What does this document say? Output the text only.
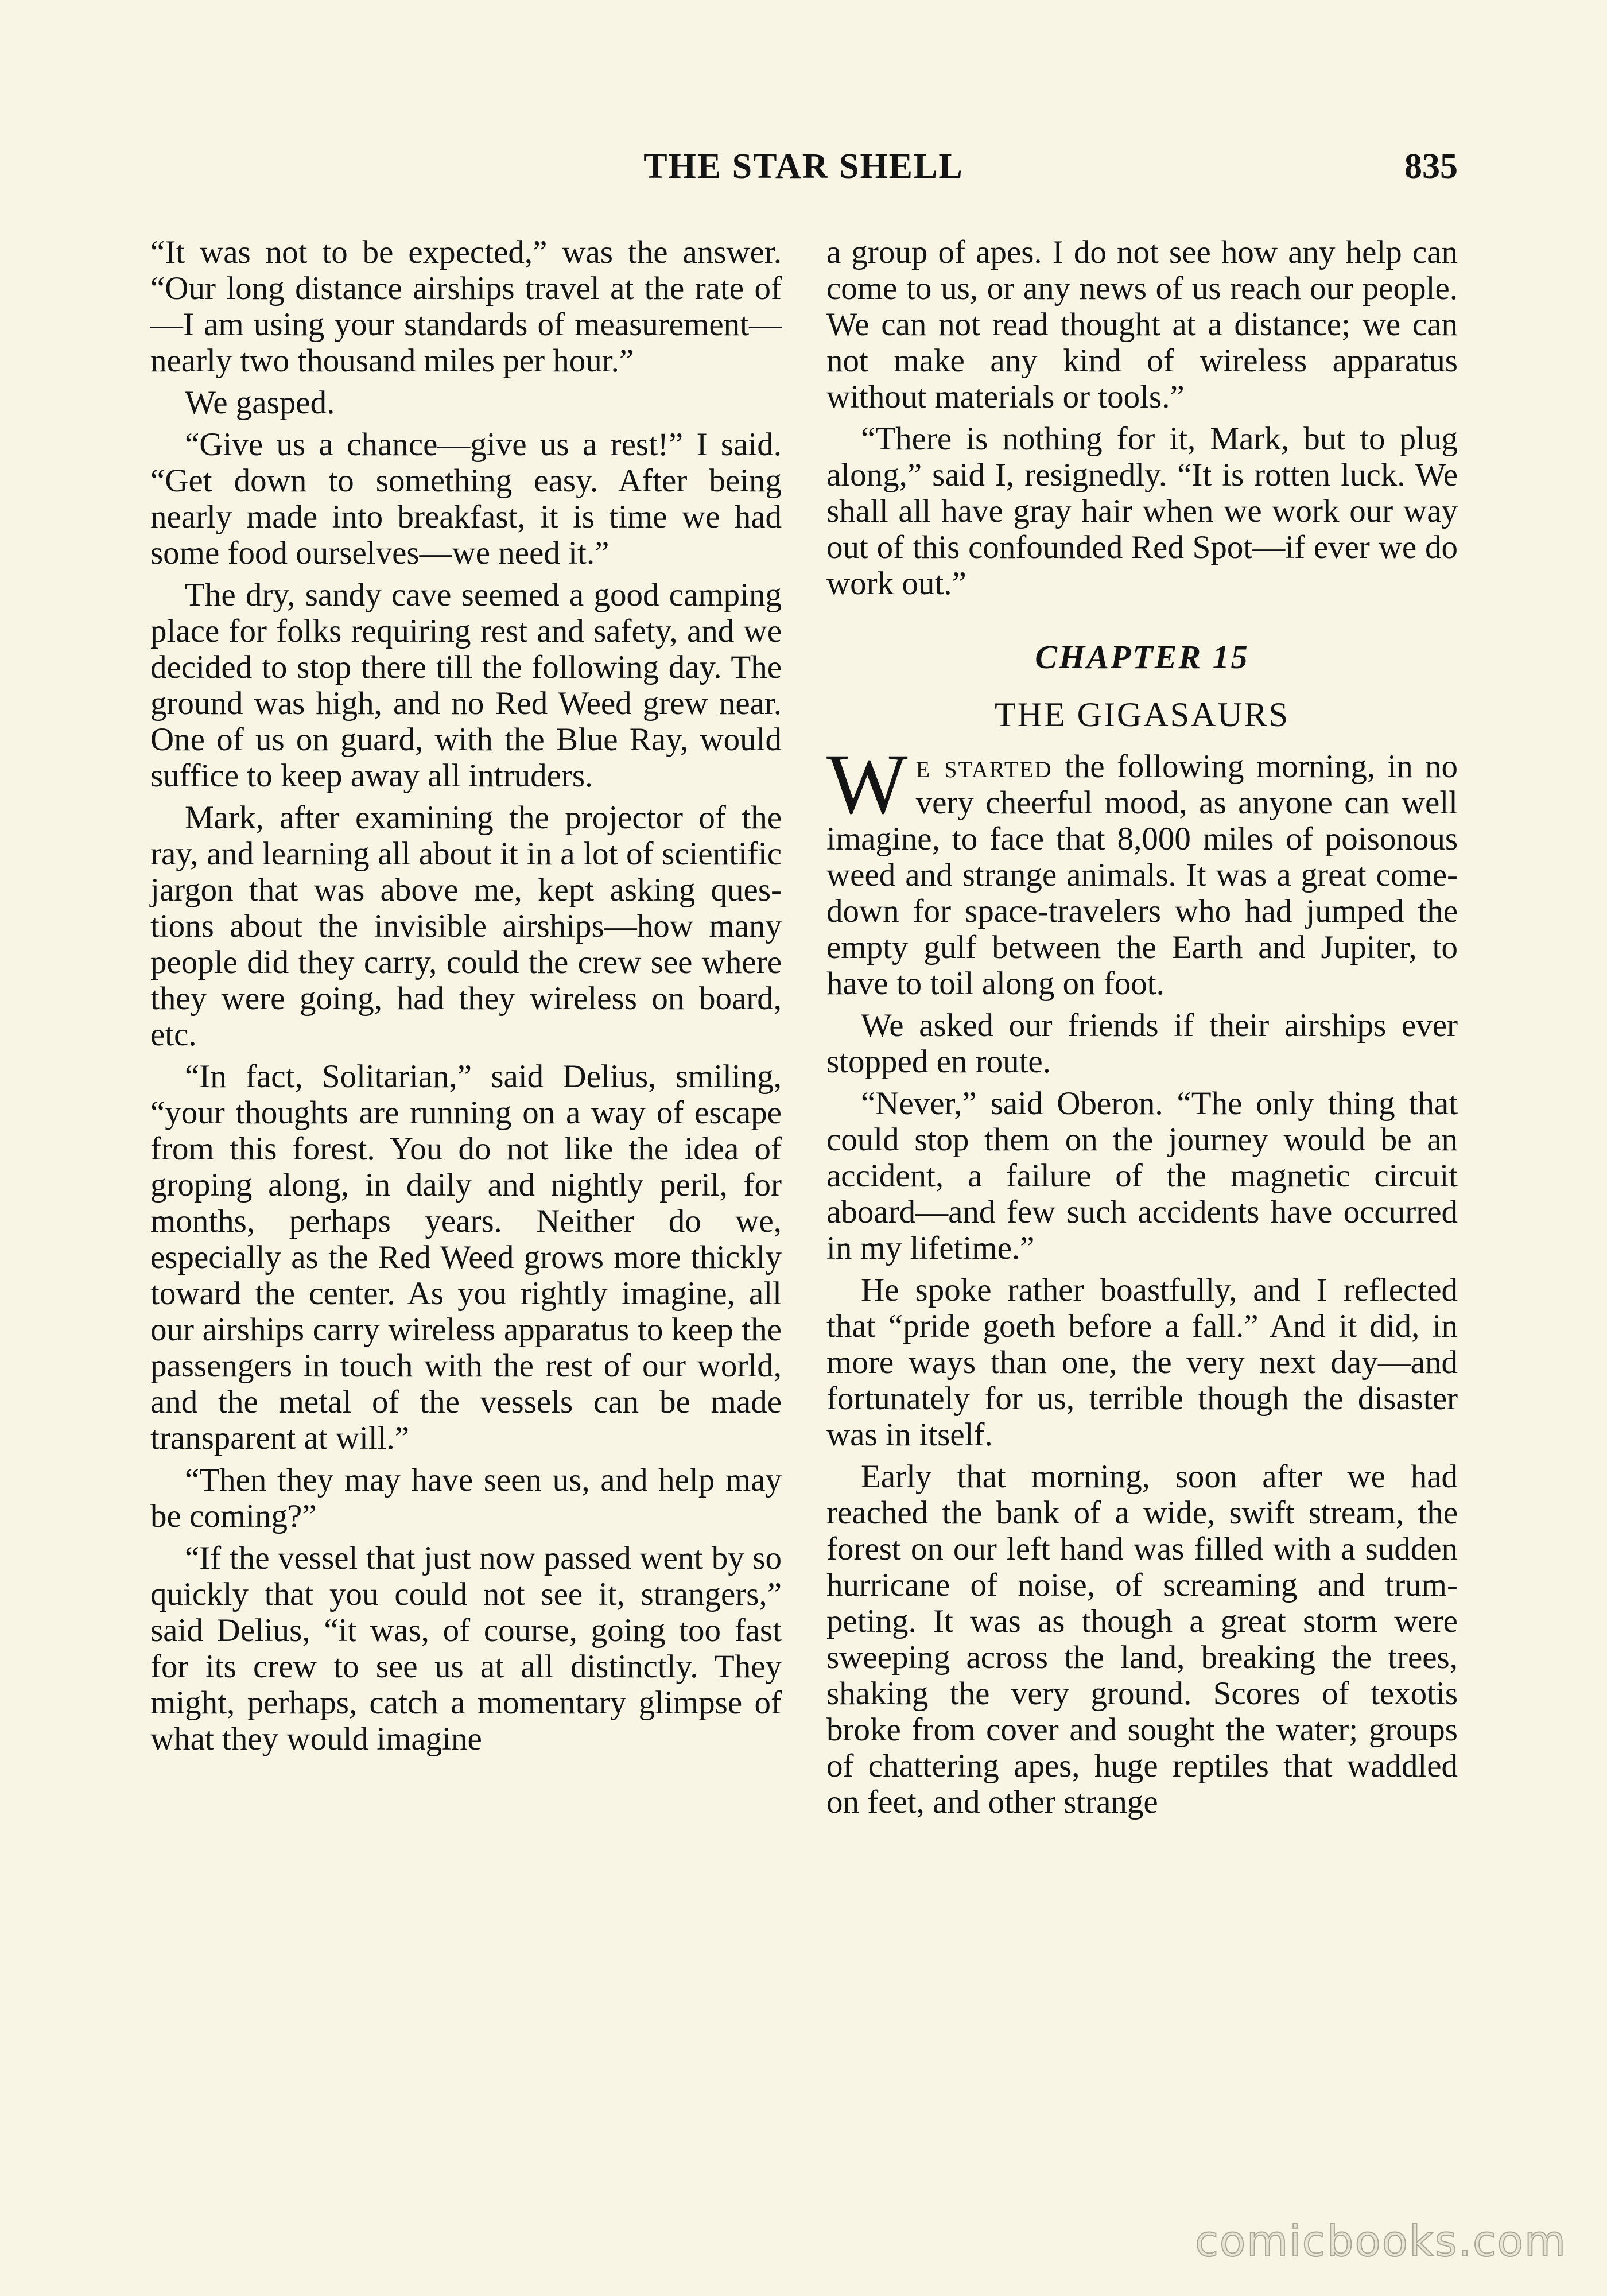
THE STAR SHELL	835

“It was not to be expected,” was the answer. “Our long distance airships travel at the rate of—I am using your standards of measurement—nearly two thousand miles per hour.”

We gasped.

“Give us a chance—give us a rest!” I said. “Get down to something easy. After being nearly made into breakfast, it is time we had some food ourselves—we need it.”

The dry, sandy cave seemed a good camping place for folks requiring rest and safety, and we decided to stop there till the following day. The ground was high, and no Red Weed grew near. One of us on guard, with the Blue Ray, would suffice to keep away all intruders.

Mark, after examining the projector of the ray, and learning all about it in a lot of scientific jargon that was above me, kept asking questions about the invisible airships—how many people did they carry, could the crew see where they were going, had they wireless on board, etc.

“In fact, Solitarian,” said Delius, smiling, “your thoughts are running on a way of escape from this forest. You do not like the idea of groping along, in daily and nightly peril, for months, perhaps years. Neither do we, especially as the Red Weed grows more thickly toward the center. As you rightly imagine, all our airships carry wireless apparatus to keep the passengers in touch with the rest of our world, and the metal of the vessels can be made transparent at will.”

“Then they may have seen us, and help may be coming?”

“If the vessel that just now passed went by so quickly that you could not see it, strangers,” said Delius, “it was, of course, going too fast for its crew to see us at all distinctly. They might, perhaps, catch a momentary glimpse of what they would imagine

a group of apes. I do not see how any help can come to us, or any news of us reach our people. We can not read thought at a distance; we can not make any kind of wireless apparatus without materials or tools.”

“There is nothing for it, Mark, but to plug along,” said I, resignedly. “It is rotten luck. We shall all have gray hair when we work our way out of this confounded Red Spot—if ever we do work out.”

CHAPTER 15
THE GIGASAURS

We started the following morning, in no very cheerful mood, as anyone can well imagine, to face that 8,000 miles of poisonous weed and strange animals. It was a great come-down for space-travelers who had jumped the empty gulf between the Earth and Jupiter, to have to toil along on foot.

We asked our friends if their airships ever stopped en route.

“Never,” said Oberon. “The only thing that could stop them on the journey would be an accident, a failure of the magnetic circuit aboard—and few such accidents have occurred in my lifetime.”

He spoke rather boastfully, and I reflected that “pride goeth before a fall.” And it did, in more ways than one, the very next day—and fortunately for us, terrible though the disaster was in itself.

Early that morning, soon after we had reached the bank of a wide, swift stream, the forest on our left hand was filled with a sudden hurricane of noise, of screaming and trumpeting. It was as though a great storm were sweeping across the land, breaking the trees, shaking the very ground. Scores of texotis broke from cover and sought the water; groups of chattering apes, huge reptiles that waddled on feet, and other strange

comicbooks.com
